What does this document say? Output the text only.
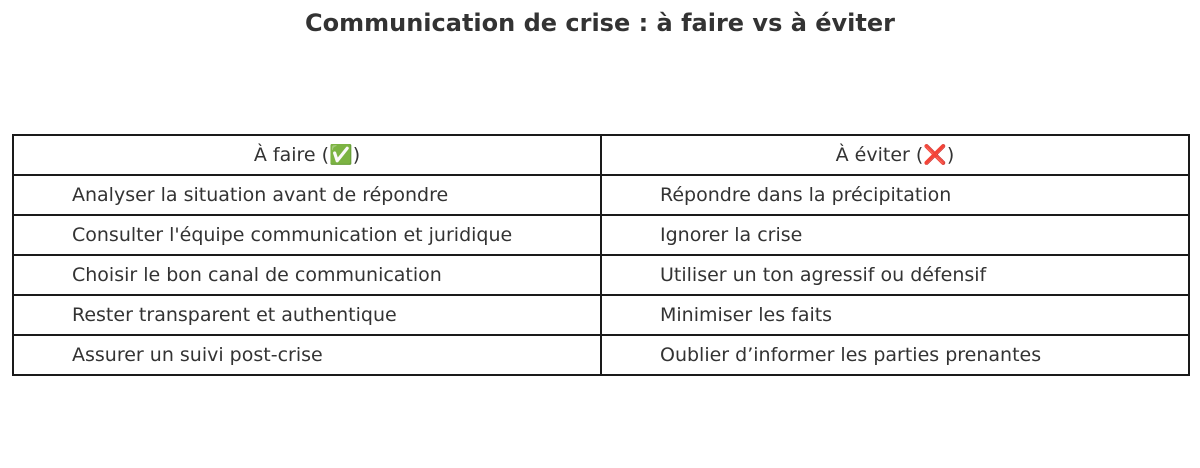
Communication de crise : à faire vs à éviter
À faire (✅)	À éviter (❌)
Analyser la situation avant de répondre	Répondre dans la précipitation
Consulter l'équipe communication et juridique	Ignorer la crise
Choisir le bon canal de communication	Utiliser un ton agressif ou défensif
Rester transparent et authentique	Minimiser les faits
Assurer un suivi post-crise	Oublier d’informer les parties prenantes
